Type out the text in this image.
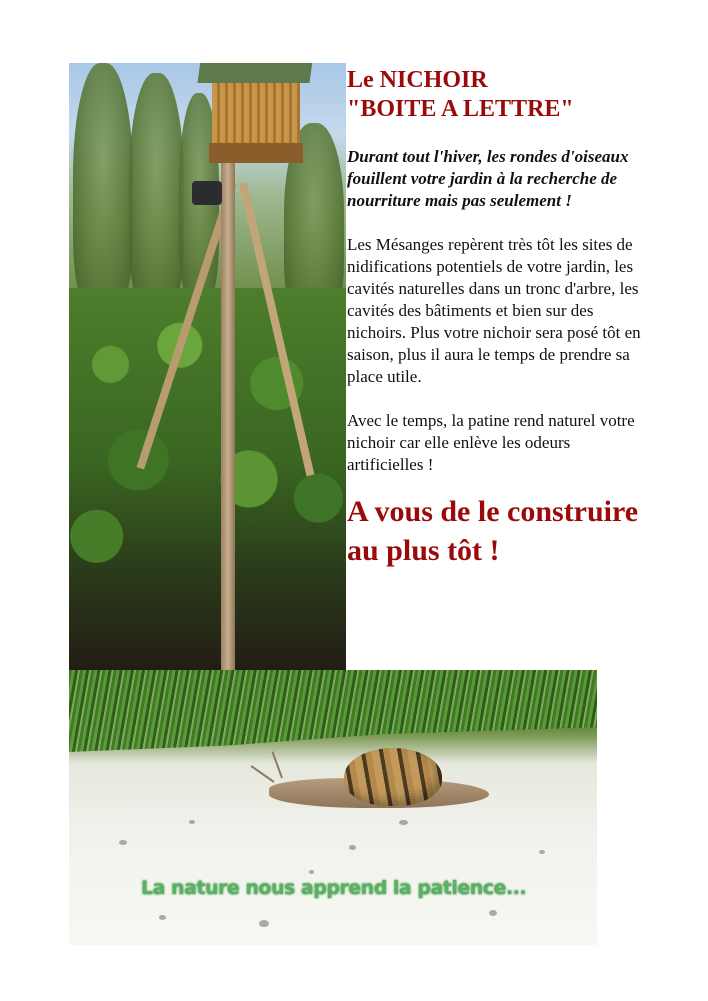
Le NICHOIR
"BOITE A LETTRE"

Durant tout l'hiver, les rondes d'oiseaux fouillent votre jardin à la recherche de nourriture mais pas seulement !

Les Mésanges repèrent très tôt les sites de nidifications potentiels de votre jardin, les cavités naturelles dans un tronc d'arbre, les cavités des bâtiments et bien sur des nichoirs. Plus votre nichoir sera posé tôt en saison, plus il aura le temps de prendre sa place utile.

Avec le temps, la patine rend naturel votre nichoir car elle enlève les odeurs artificielles !

A vous de le construire au plus tôt !

La nature nous apprend la patience...
